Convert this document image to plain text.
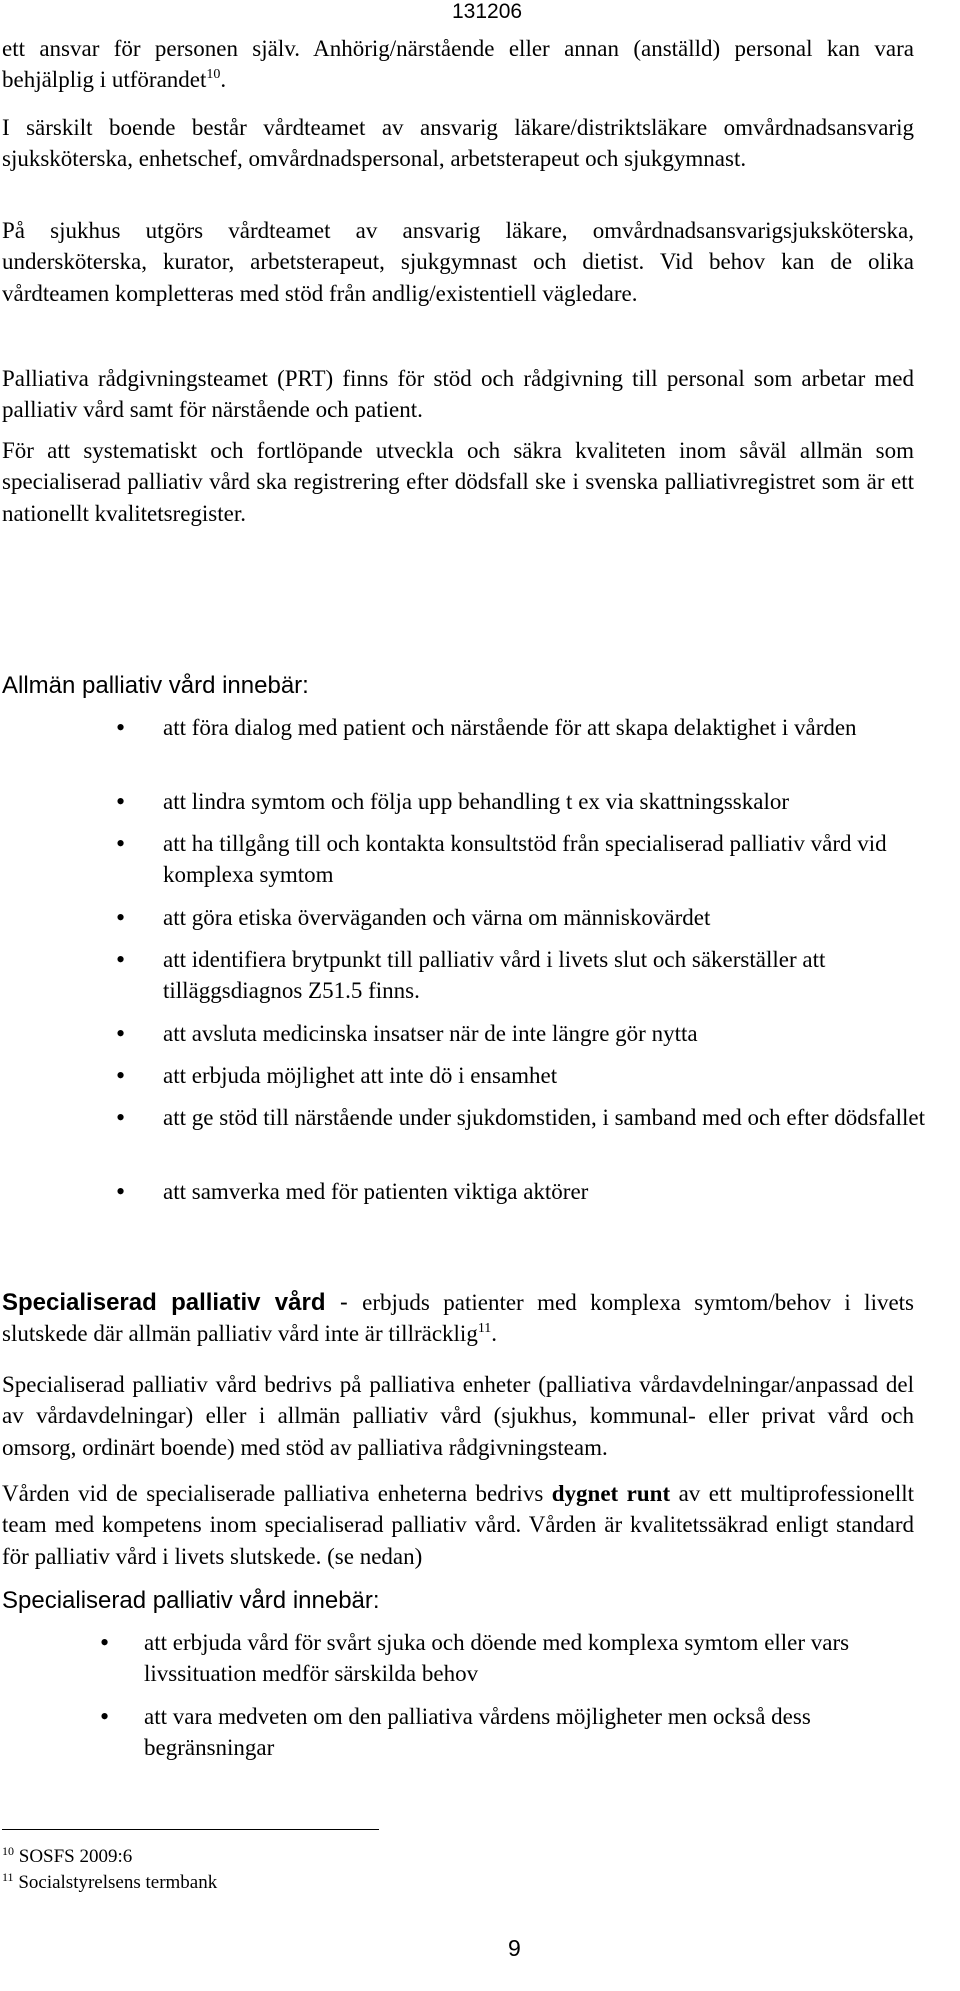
131206

ett ansvar för personen själv. Anhörig/närstående eller annan (anställd) personal kan vara behjälplig i utförandet$^{10}$.

I särskilt boende består vårdteamet av ansvarig läkare/distriktsläkare omvårdnadsansvarig sjuksköterska, enhetschef, omvårdnadspersonal, arbetsterapeut och sjukgymnast.

På sjukhus utgörs vårdteamet av ansvarig läkare, omvårdnadsansvarigsjuksköterska, undersköterska, kurator, arbetsterapeut, sjukgymnast och dietist. Vid behov kan de olika vårdteamen kompletteras med stöd från andlig/existentiell vägledare.

Palliativa rådgivningsteamet (PRT) finns för stöd och rådgivning till personal som arbetar med palliativ vård samt för närstående och patient.

För att systematiskt och fortlöpande utveckla och säkra kvaliteten inom såväl allmän som specialiserad palliativ vård ska registrering efter dödsfall ske i svenska palliativregistret som är ett nationellt kvalitetsregister.

Allmän palliativ vård innebär:
• att föra dialog med patient och närstående för att skapa delaktighet i vården
• att lindra symtom och följa upp behandling t ex via skattningsskalor
• att ha tillgång till och kontakta konsultstöd från specialiserad palliativ vård vid komplexa symtom
• att göra etiska överväganden och värna om människovärdet
• att identifiera brytpunkt till palliativ vård i livets slut och säkerställer att tilläggsdiagnos Z51.5 finns.
• att avsluta medicinska insatser när de inte längre gör nytta
• att erbjuda möjlighet att inte dö i ensamhet
• att ge stöd till närstående under sjukdomstiden, i samband med och efter dödsfallet
• att samverka med för patienten viktiga aktörer

Specialiserad palliativ vård - erbjuds patienter med komplexa symtom/behov i livets slutskede där allmän palliativ vård inte är tillräcklig$^{11}$.

Specialiserad palliativ vård bedrivs på palliativa enheter (palliativa vårdavdelningar/anpassad del av vårdavdelningar) eller i allmän palliativ vård (sjukhus, kommunal- eller privat vård och omsorg, ordinärt boende) med stöd av palliativa rådgivningsteam.

Vården vid de specialiserade palliativa enheterna bedrivs dygnet runt av ett multiprofessionellt team med kompetens inom specialiserad palliativ vård. Vården är kvalitetssäkrad enligt standard för palliativ vård i livets slutskede. (se nedan)

Specialiserad palliativ vård innebär:
• att erbjuda vård för svårt sjuka och döende med komplexa symtom eller vars livssituation medför särskilda behov
• att vara medveten om den palliativa vårdens möjligheter men också dess begränsningar
$^{10}$ SOSFS 2009:6
$^{11}$ Socialstyrelsens termbank
9
